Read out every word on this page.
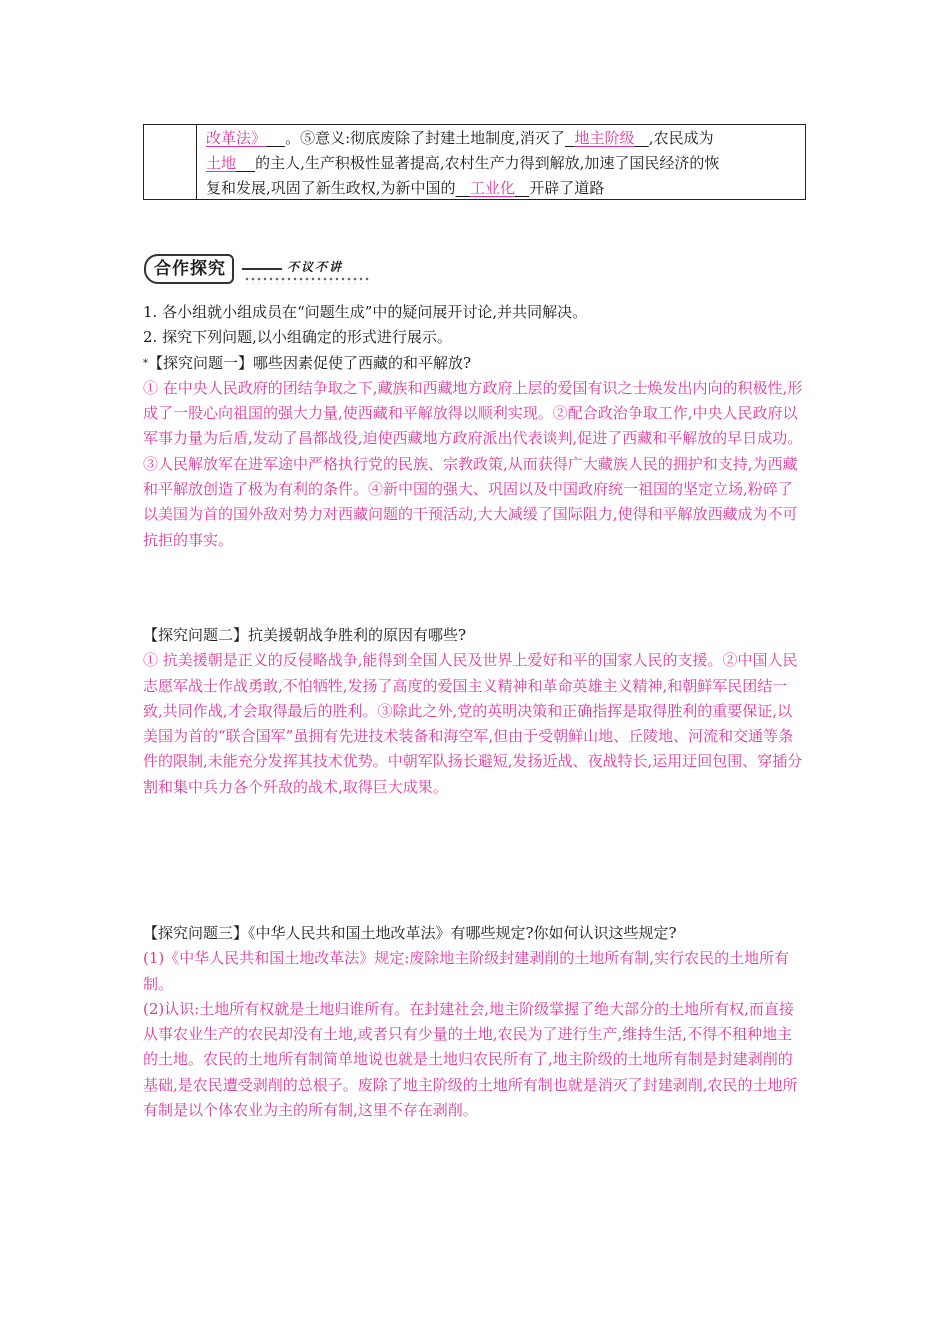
改革法》 。⑤意义:彻底废除了封建土地制度,消灭了 地主阶级 ,农民成为
土地 的主人,生产积极性显著提高,农村生产力得到解放,加速了国民经济的恢
复和发展,巩固了新生政权,为新中国的 工业化 开辟了道路
合作探究	不议不讲

1. 各小组就小组成员在“问题生成”中的疑问展开讨论,并共同解决。

2. 探究下列问题,以小组确定的形式进行展示。

*【探究问题一】哪些因素促使了西藏的和平解放?

① 在中央人民政府的团结争取之下,藏族和西藏地方政府上层的爱国有识之士焕发出内向的积极性,形成了一股心向祖国的强大力量,使西藏和平解放得以顺利实现。②配合政治争取工作,中央人民政府以军事力量为后盾,发动了昌都战役,迫使西藏地方政府派出代表谈判,促进了西藏和平解放的早日成功。③人民解放军在进军途中严格执行党的民族、宗教政策,从而获得广大藏族人民的拥护和支持,为西藏和平解放创造了极为有利的条件。④新中国的强大、巩固以及中国政府统一祖国的坚定立场,粉碎了以美国为首的国外敌对势力对西藏问题的干预活动,大大减缓了国际阻力,使得和平解放西藏成为不可抗拒的事实。

【探究问题二】抗美援朝战争胜利的原因有哪些?

① 抗美援朝是正义的反侵略战争,能得到全国人民及世界上爱好和平的国家人民的支援。②中国人民志愿军战士作战勇敢,不怕牺牲,发扬了高度的爱国主义精神和革命英雄主义精神,和朝鲜军民团结一致,共同作战,才会取得最后的胜利。③除此之外,党的英明决策和正确指挥是取得胜利的重要保证,以美国为首的“联合国军”虽拥有先进技术装备和海空军,但由于受朝鲜山地、丘陵地、河流和交通等条件的限制,未能充分发挥其技术优势。中朝军队扬长避短,发扬近战、夜战特长,运用迂回包围、穿插分割和集中兵力各个歼敌的战术,取得巨大成果。

【探究问题三】《中华人民共和国土地改革法》有哪些规定?你如何认识这些规定?

(1)《中华人民共和国土地改革法》规定:废除地主阶级封建剥削的土地所有制,实行农民的土地所有制。

(2)认识:土地所有权就是土地归谁所有。在封建社会,地主阶级掌握了绝大部分的土地所有权,而直接从事农业生产的农民却没有土地,或者只有少量的土地,农民为了进行生产,维持生活,不得不租种地主的土地。农民的土地所有制简单地说也就是土地归农民所有了,地主阶级的土地所有制是封建剥削的基础,是农民遭受剥削的总根子。废除了地主阶级的土地所有制也就是消灭了封建剥削,农民的土地所有制是以个体农业为主的所有制,这里不存在剥削。
